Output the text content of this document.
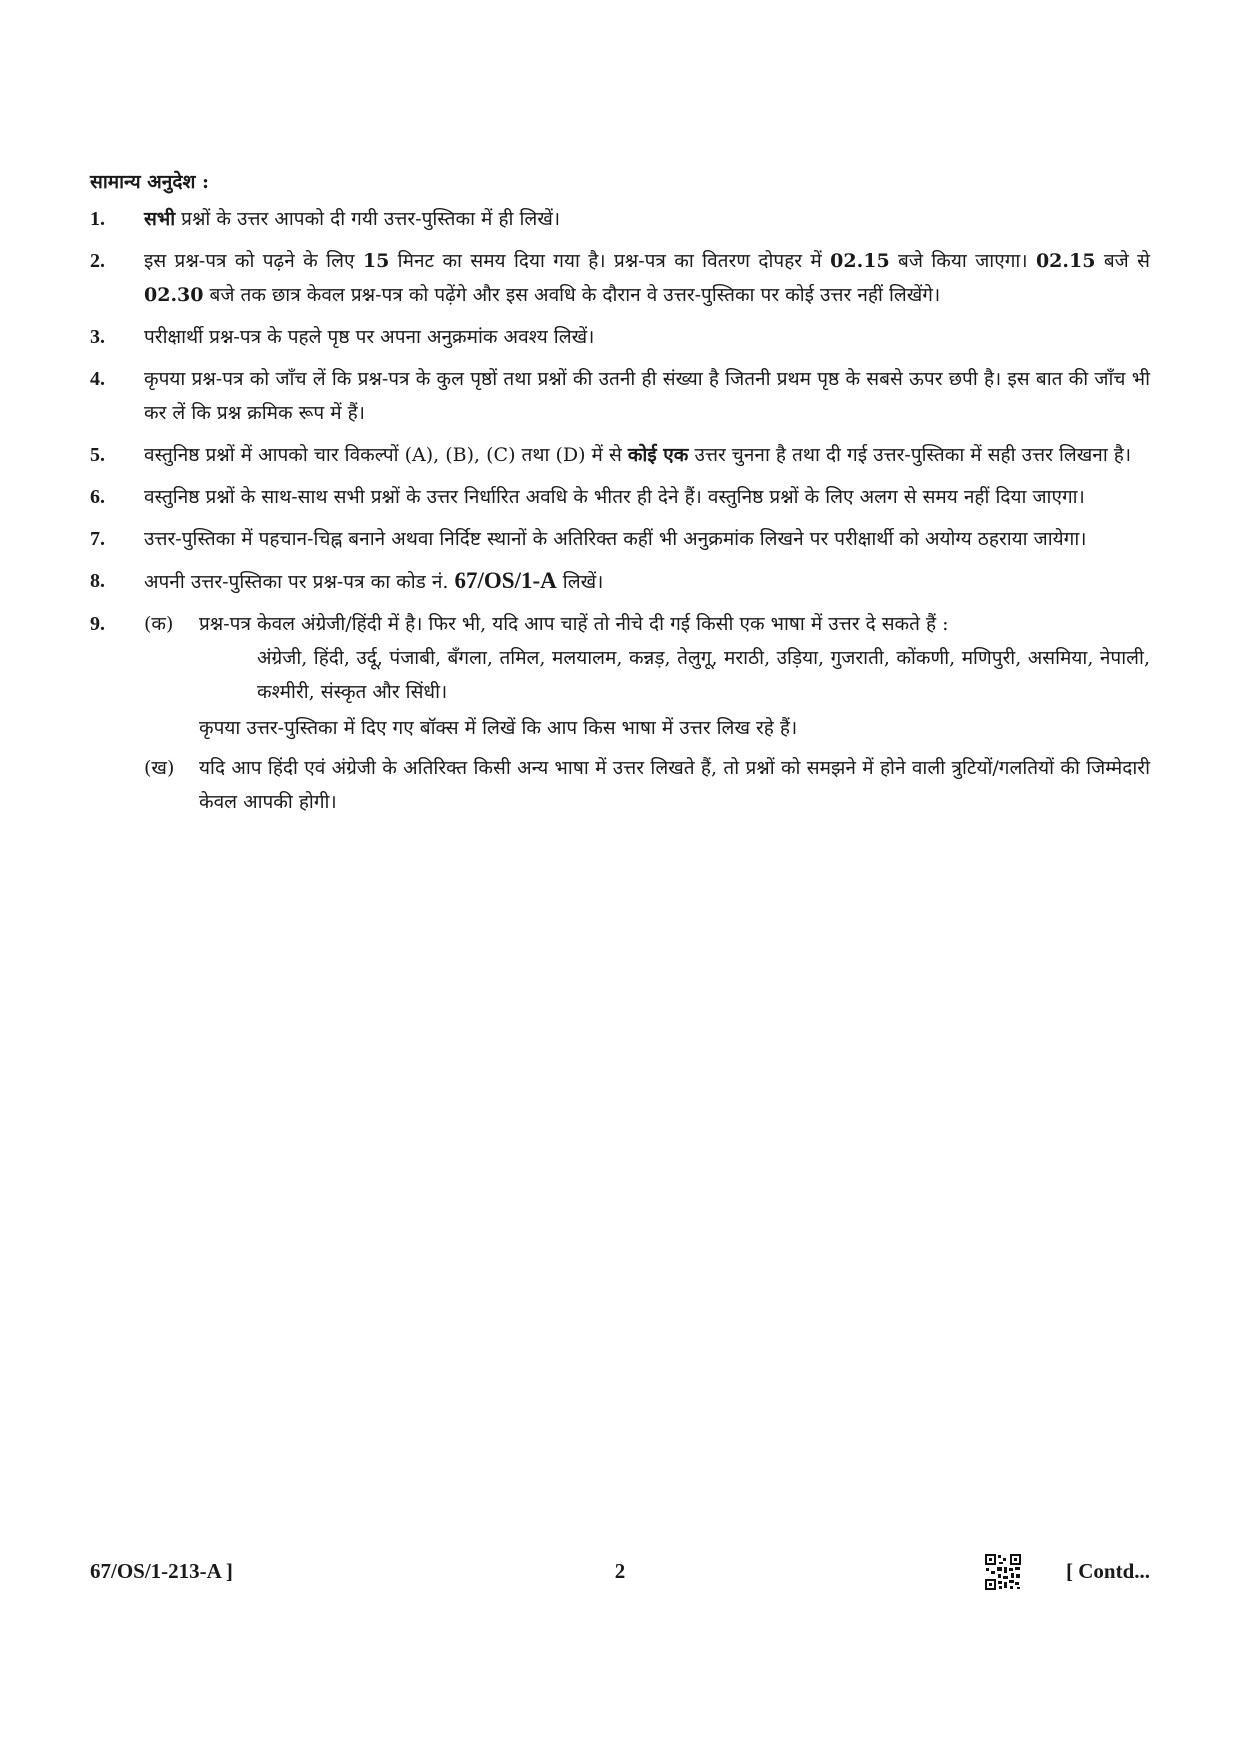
सामान्य अनुदेश :

1.	सभी प्रश्नों के उत्तर आपको दी गयी उत्तर-पुस्तिका में ही लिखें।
2.	इस प्रश्न-पत्र को पढ़ने के लिए 15 मिनट का समय दिया गया है। प्रश्न-पत्र का वितरण दोपहर में 02.15 बजे किया जाएगा। 02.15 बजे से 02.30 बजे तक छात्र केवल प्रश्न-पत्र को पढ़ेंगे और इस अवधि के दौरान वे उत्तर-पुस्तिका पर कोई उत्तर नहीं लिखेंगे।
3.	परीक्षार्थी प्रश्न-पत्र के पहले पृष्ठ पर अपना अनुक्रमांक अवश्य लिखें।
4.	कृपया प्रश्न-पत्र को जाँच लें कि प्रश्न-पत्र के कुल पृष्ठों तथा प्रश्नों की उतनी ही संख्या है जितनी प्रथम पृष्ठ के सबसे ऊपर छपी है। इस बात की जाँच भी कर लें कि प्रश्न क्रमिक रूप में हैं।
5.	वस्तुनिष्ठ प्रश्नों में आपको चार विकल्पों (A), (B), (C) तथा (D) में से कोई एक उत्तर चुनना है तथा दी गई उत्तर-पुस्तिका में सही उत्तर लिखना है।
6.	वस्तुनिष्ठ प्रश्नों के साथ-साथ सभी प्रश्नों के उत्तर निर्धारित अवधि के भीतर ही देने हैं। वस्तुनिष्ठ प्रश्नों के लिए अलग से समय नहीं दिया जाएगा।
7.	उत्तर-पुस्तिका में पहचान-चिह्न बनाने अथवा निर्दिष्ट स्थानों के अतिरिक्त कहीं भी अनुक्रमांक लिखने पर परीक्षार्थी को अयोग्य ठहराया जायेगा।
8.	अपनी उत्तर-पुस्तिका पर प्रश्न-पत्र का कोड नं. 67/OS/1-A लिखें।
9.	(क) प्रश्न-पत्र केवल अंग्रेजी/हिंदी में है। फिर भी, यदि आप चाहें तो नीचे दी गई किसी एक भाषा में उत्तर दे सकते हैं :
अंग्रेजी, हिंदी, उर्दू, पंजाबी, बँगला, तमिल, मलयालम, कन्नड़, तेलुगू, मराठी, उड़िया, गुजराती, कोंकणी, मणिपुरी, असमिया, नेपाली, कश्मीरी, संस्कृत और सिंधी।
कृपया उत्तर-पुस्तिका में दिए गए बॉक्स में लिखें कि आप किस भाषा में उत्तर लिख रहे हैं।
(ख) यदि आप हिंदी एवं अंग्रेजी के अतिरिक्त किसी अन्य भाषा में उत्तर लिखते हैं, तो प्रश्नों को समझने में होने वाली त्रुटियों/गलतियों की जिम्मेदारी केवल आपकी होगी।
67/OS/1-213-A ]	2	[ Contd...
